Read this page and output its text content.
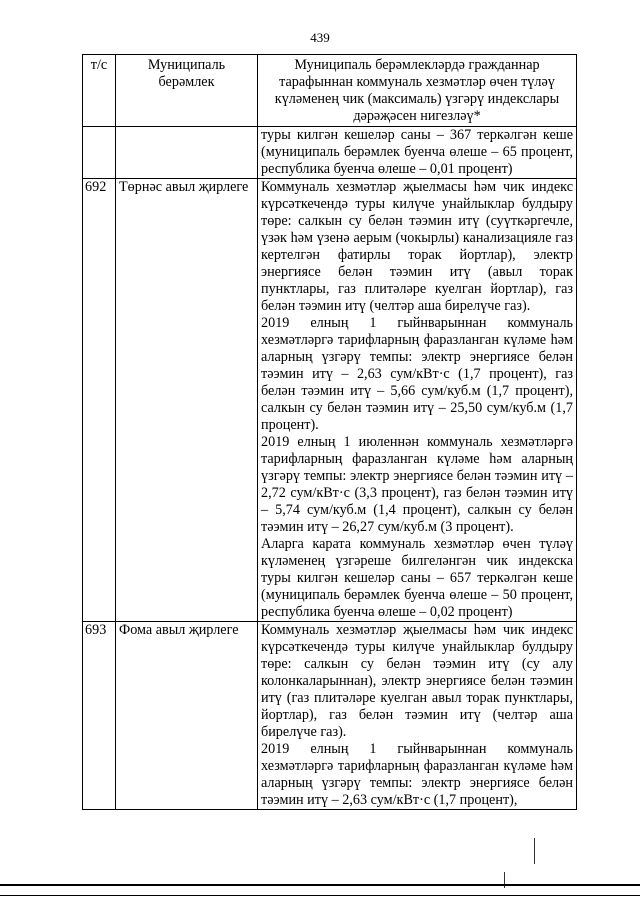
439
т/с	Муниципаль берәмлек	Муниципаль берәмлекләрдә гражданнар тарафыннан коммуналь хезмәтләр өчен түләү күләменең чик (максималь) үзгәрү индекслары дәрәҗәсен нигезләү*
		туры килгән кешеләр саны – 367 теркәлгән кеше (муниципаль берәмлек буенча өлеше – 65 процент, республика буенча өлеше – 0,01 процент)
692	Төрнәс авыл җирлеге	Коммуналь хезмәтләр җыелмасы һәм чик индекс күрсәткечендә туры килүче унайлыклар булдыру төре: салкын су белән тәэмин итү (суүткәргечле, үзәк һәм үзенә аерым (чокырлы) канализацияле газ кертелгән фатирлы торак йортлар), электр энергиясе белән тәэмин итү (авыл торак пунктлары, газ плитәләре куелган йортлар), газ белән тәэмин итү (челтәр аша бирелүче газ).
2019 елның 1 гыйнварыннан коммуналь хезмәтләргә тарифларның фаразланган күләме һәм аларның үзгәрү темпы: электр энергиясе белән тәэмин итү – 2,63 сум/кВт·с (1,7 процент), газ белән тәэмин итү – 5,66 сум/куб.м (1,7 процент), салкын су белән тәэмин итү – 25,50 сум/куб.м (1,7 процент).
2019 елның 1 июленнән коммуналь хезмәтләргә тарифларның фаразланган күләме һәм аларның үзгәрү темпы: электр энергиясе белән тәэмин итү – 2,72 сум/кВт·с (3,3 процент), газ белән тәэмин итү – 5,74 сум/куб.м (1,4 процент), салкын су белән тәэмин итү – 26,27 сум/куб.м (3 процент).
Аларга карата коммуналь хезмәтләр өчен түләү күләменең үзгәреше билгеләнгән чик индекска туры килгән кешеләр саны – 657 теркәлгән кеше (муниципаль берәмлек буенча өлеше – 50 процент, республика буенча өлеше – 0,02 процент)

693	Фома авыл җирлеге	Коммуналь хезмәтләр җыелмасы һәм чик индекс күрсәткечендә туры килүче унайлыклар булдыру төре: салкын су белән тәэмин итү (су алу колонкаларыннан), электр энергиясе белән тәэмин итү (газ плитәләре куелган авыл торак пунктлары, йортлар), газ белән тәэмин итү (челтәр аша бирелүче газ).
2019 елның 1 гыйнварыннан коммуналь хезмәтләргә тарифларның фаразланган күләме һәм аларның үзгәрү темпы: электр энергиясе белән тәэмин итү – 2,63 сум/кВт·с (1,7 процент),
